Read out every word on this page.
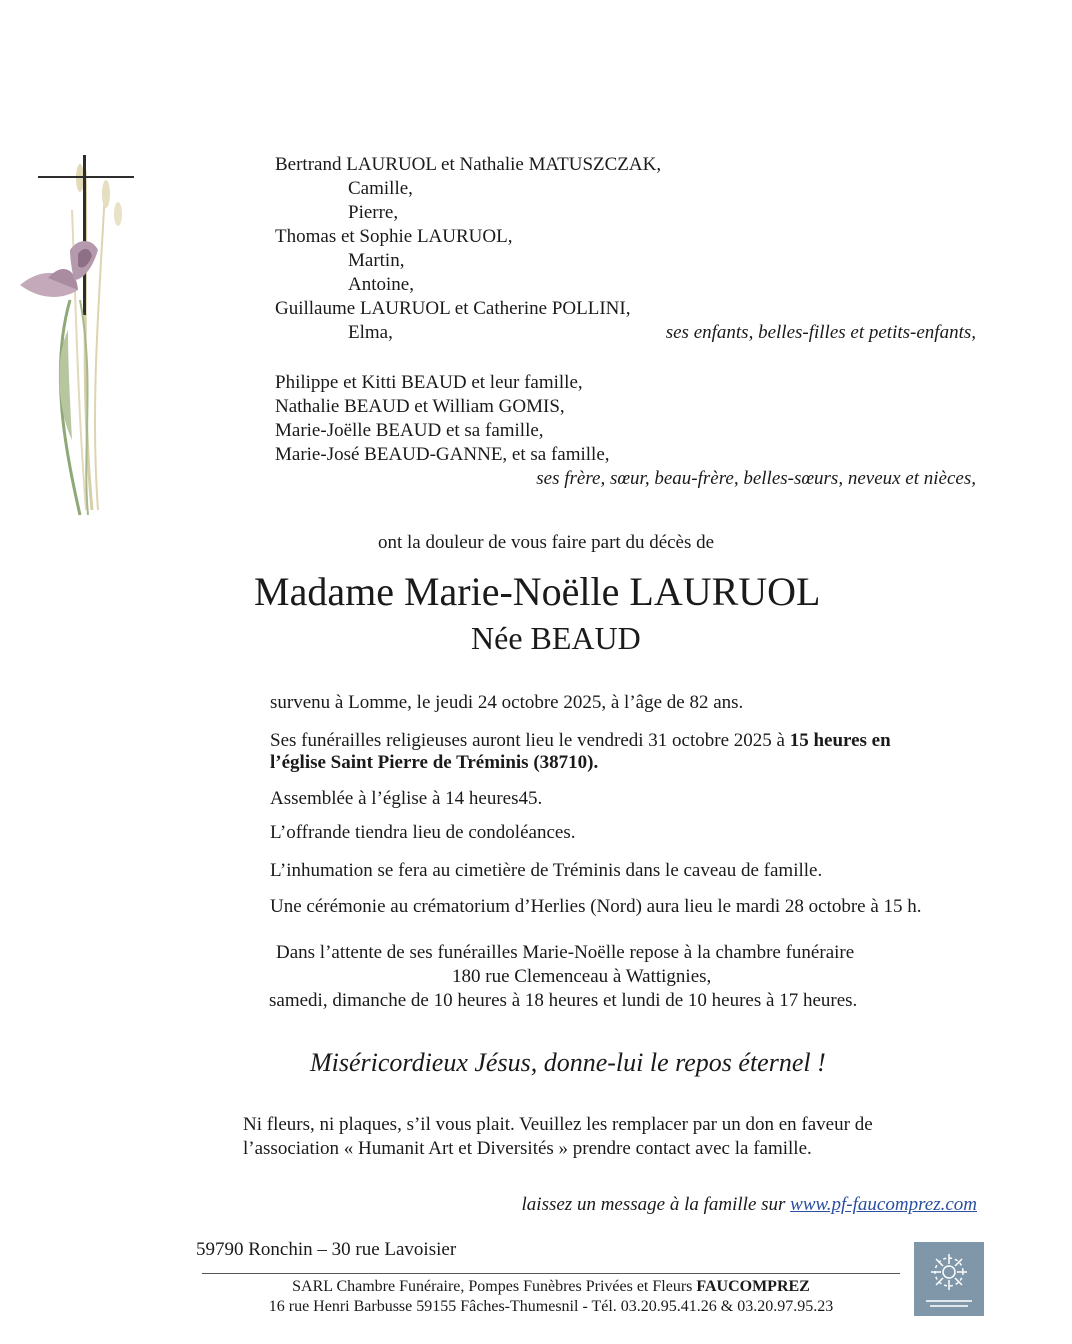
Bertrand LAURUOL et Nathalie MATUSZCZAK,
Camille,
Pierre,
Thomas et Sophie LAURUOL,
Martin,
Antoine,
Guillaume LAURUOL et Catherine POLLINI,
Elma,	ses enfants, belles-filles et petits-enfants,
Philippe et Kitti BEAUD et leur famille,
Nathalie BEAUD et William GOMIS,
Marie-Joëlle BEAUD et sa famille,
Marie-José BEAUD-GANNE, et sa famille,
ses frère, sœur, beau-frère, belles-sœurs, neveux et nièces,
ont la douleur de vous faire part du décès de
Madame Marie-Noëlle LAURUOL
Née BEAUD
survenu à Lomme, le jeudi 24 octobre 2025, à l’âge de 82 ans.
Ses funérailles religieuses auront lieu le vendredi 31 octobre 2025 à 15 heures en
l’église Saint Pierre de Tréminis (38710).
Assemblée à l’église à 14 heures45.
L’offrande tiendra lieu de condoléances.
L’inhumation se fera au cimetière de Tréminis dans le caveau de famille.
Une cérémonie au crématorium d’Herlies (Nord) aura lieu le mardi 28 octobre à 15 h.
Dans l’attente de ses funérailles Marie-Noëlle repose à la chambre funéraire
180 rue Clemenceau à Wattignies,
samedi, dimanche de 10 heures à 18 heures et lundi de 10 heures à 17 heures.
Miséricordieux Jésus, donne-lui le repos éternel !
Ni fleurs, ni plaques, s’il vous plait. Veuillez les remplacer par un don en faveur de
l’association « Humanit Art et Diversités » prendre contact avec la famille.
laissez un message à la famille sur www.pf-faucomprez.com
59790 Ronchin – 30 rue Lavoisier
SARL Chambre Funéraire, Pompes Funèbres Privées et Fleurs FAUCOMPREZ
16 rue Henri Barbusse 59155 Fâches-Thumesnil - Tél. 03.20.95.41.26 & 03.20.97.95.23
